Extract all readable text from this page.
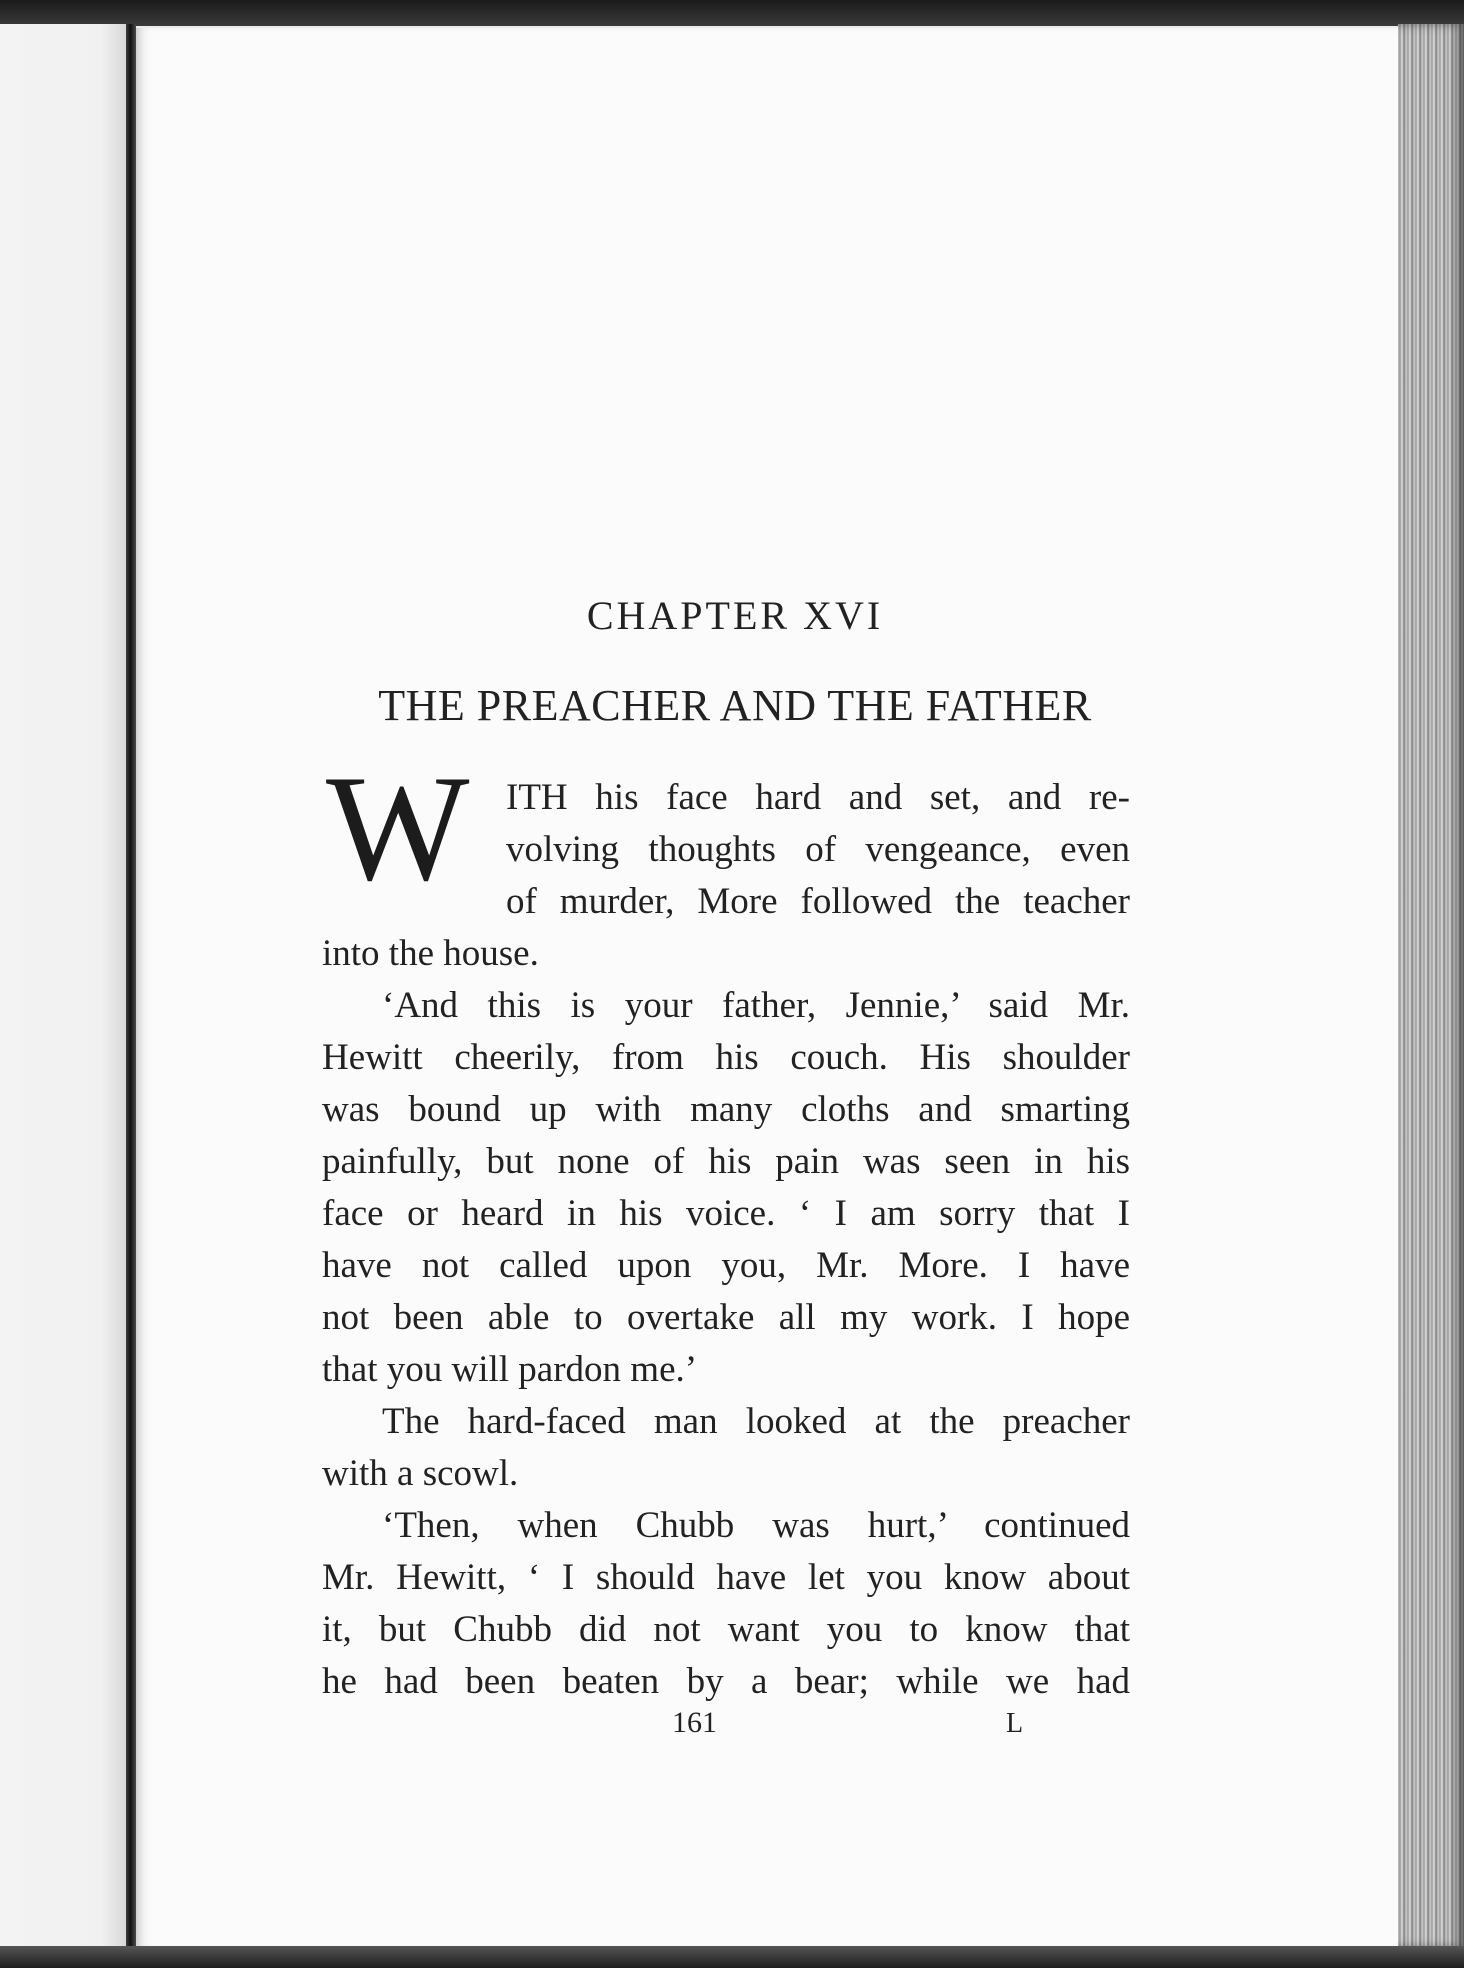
CHAPTER XVI
THE PREACHER AND THE FATHER
W ITH his face hard and set, and re-
volving thoughts of vengeance, even
of murder, More followed the teacher
into the house.
‘And this is your father, Jennie,’ said Mr.
Hewitt cheerily, from his couch. His shoulder
was bound up with many cloths and smarting
painfully, but none of his pain was seen in his
face or heard in his voice. ‘ I am sorry that I
have not called upon you, Mr. More. I have
not been able to overtake all my work. I hope
that you will pardon me.’
The hard-faced man looked at the preacher
with a scowl.
‘Then, when Chubb was hurt,’ continued
Mr. Hewitt, ‘ I should have let you know about
it, but Chubb did not want you to know that
he had been beaten by a bear; while we had
161	L
